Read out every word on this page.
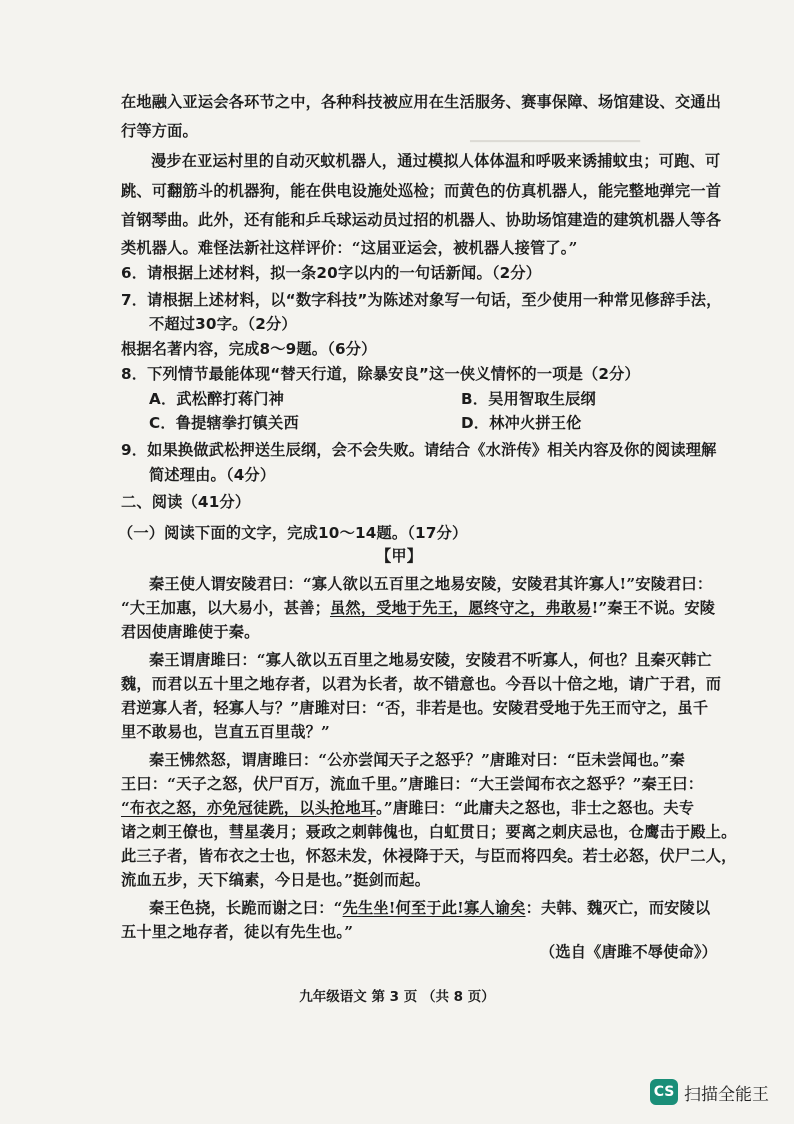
▁▁▁▁▁▁▁▁▁▁▁▁▁▁▁▁▁
在地融入亚运会各环节之中，各种科技被应用在生活服务、赛事保障、场馆建设、交通出
行等方面。
漫步在亚运村里的自动灭蚊机器人，通过模拟人体体温和呼吸来诱捕蚊虫；可跑、可
跳、可翻筋斗的机器狗，能在供电设施处巡检；而黄色的仿真机器人，能完整地弹完一首
首钢琴曲。此外，还有能和乒乓球运动员过招的机器人、协助场馆建造的建筑机器人等各
类机器人。难怪法新社这样评价：“这届亚运会，被机器人接管了。”
6．请根据上述材料，拟一条20字以内的一句话新闻。（2分）
7．请根据上述材料，以“数字科技”为陈述对象写一句话，至少使用一种常见修辞手法，
不超过30字。（2分）
根据名著内容，完成8～9题。（6分）
8．下列情节最能体现“替天行道，除暴安良”这一侠义情怀的一项是（2分）
A．武松醉打蒋门神	B．吴用智取生辰纲
C．鲁提辖拳打镇关西	D．林冲火拼王伦
9．如果换做武松押送生辰纲，会不会失败。请结合《水浒传》相关内容及你的阅读理解
简述理由。（4分）
二、阅读（41分）
（一）阅读下面的文字，完成10～14题。（17分）
【甲】
秦王使人谓安陵君曰：“寡人欲以五百里之地易安陵，安陵君其许寡人!”安陵君曰：
“大王加惠，以大易小，甚善；虽然，受地于先王，愿终守之，弗敢易!”秦王不说。安陵
君因使唐雎使于秦。
秦王谓唐雎曰：“寡人欲以五百里之地易安陵，安陵君不听寡人，何也？且秦灭韩亡
魏，而君以五十里之地存者，以君为长者，故不错意也。今吾以十倍之地，请广于君，而
君逆寡人者，轻寡人与？”唐雎对曰：“否，非若是也。安陵君受地于先王而守之，虽千
里不敢易也，岂直五百里哉？”
秦王怫然怒，谓唐雎曰：“公亦尝闻天子之怒乎？”唐雎对曰：“臣未尝闻也。”秦
王曰：“天子之怒，伏尸百万，流血千里。”唐雎曰：“大王尝闻布衣之怒乎？”秦王曰：
“布衣之怒，亦免冠徒跣，以头抢地耳。”唐雎曰：“此庸夫之怒也，非士之怒也。夫专
诸之刺王僚也，彗星袭月；聂政之刺韩傀也，白虹贯日；要离之刺庆忌也，仓鹰击于殿上。
此三子者，皆布衣之士也，怀怒未发，休祲降于天，与臣而将四矣。若士必怒，伏尸二人，
流血五步，天下缟素，今日是也。”挺剑而起。
秦王色挠，长跪而谢之曰：“先生坐!何至于此!寡人谕矣：夫韩、魏灭亡，而安陵以
五十里之地存者，徒以有先生也。”
（选自《唐雎不辱使命》）
九年级语文 第 3 页 （共 8 页）
CS 扫描全能王
